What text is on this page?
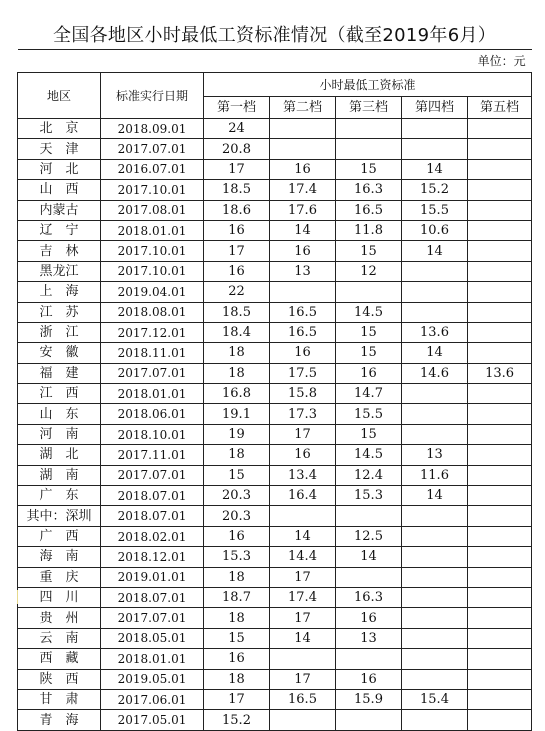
全国各地区小时最低工资标准情况（截至2019年6月）						
单位：元						
地区	标准实行日期	小时最低工资标准				
		第一档	第二档	第三档	第四档	第五档
北　京	2018.09.01	24				
天　津	2017.07.01	20.8				
河　北	2016.07.01	17	16	15	14	
山　西	2017.10.01	18.5	17.4	16.3	15.2	
内蒙古	2017.08.01	18.6	17.6	16.5	15.5	
辽　宁	2018.01.01	16	14	11.8	10.6	
吉　林	2017.10.01	17	16	15	14	
黑龙江	2017.10.01	16	13	12		
上　海	2019.04.01	22				
江　苏	2018.08.01	18.5	16.5	14.5		
浙　江	2017.12.01	18.4	16.5	15	13.6	
安　徽	2018.11.01	18	16	15	14	
福　建	2017.07.01	18	17.5	16	14.6	13.6
江　西	2018.01.01	16.8	15.8	14.7		
山　东	2018.06.01	19.1	17.3	15.5		
河　南	2018.10.01	19	17	15		
湖　北	2017.11.01	18	16	14.5	13	
湖　南	2017.07.01	15	13.4	12.4	11.6	
广　东	2018.07.01	20.3	16.4	15.3	14	
其中：深圳	2018.07.01	20.3				
广　西	2018.02.01	16	14	12.5		
海　南	2018.12.01	15.3	14.4	14		
重　庆	2019.01.01	18	17			
四　川	2018.07.01	18.7	17.4	16.3		
贵　州	2017.07.01	18	17	16		
云　南	2018.05.01	15	14	13		
西　藏	2018.01.01	16				
陕　西	2019.05.01	18	17	16		
甘　肃	2017.06.01	17	16.5	15.9	15.4	
青　海	2017.05.01	15.2				
